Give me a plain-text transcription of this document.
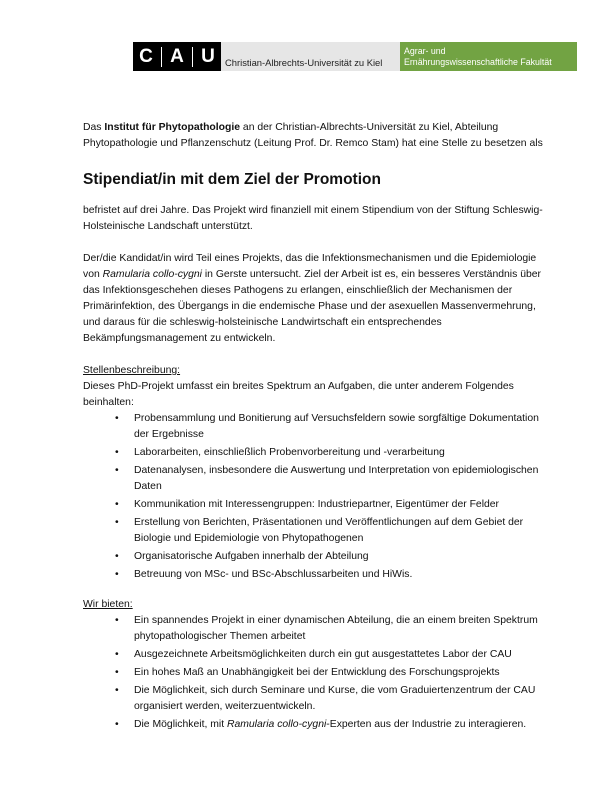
C A U	Christian-Albrechts-Universität zu Kiel
Agrar- und
Ernährungswissenschaftliche Fakultät

Das Institut für Phytopathologie an der Christian-Albrechts-Universität zu Kiel, Abteilung Phytopathologie und Pflanzenschutz (Leitung Prof. Dr. Remco Stam) hat eine Stelle zu besetzen als

Stipendiat/in mit dem Ziel der Promotion

befristet auf drei Jahre. Das Projekt wird finanziell mit einem Stipendium von der Stiftung Schleswig-Holsteinische Landschaft unterstützt.

Der/die Kandidat/in wird Teil eines Projekts, das die Infektionsmechanismen und die Epidemiologie von Ramularia collo-cygni in Gerste untersucht. Ziel der Arbeit ist es, ein besseres Verständnis über das Infektionsgeschehen dieses Pathogens zu erlangen, einschließlich der Mechanismen der Primärinfektion, des Übergangs in die endemische Phase und der asexuellen Massenvermehrung, und daraus für die schleswig-holsteinische Landwirtschaft ein entsprechendes Bekämpfungsmanagement zu entwickeln.

Stellenbeschreibung:

Dieses PhD-Projekt umfasst ein breites Spektrum an Aufgaben, die unter anderem Folgendes beinhalten:

• Probensammlung und Bonitierung auf Versuchsfeldern sowie sorgfältige Dokumentation der Ergebnisse
• Laborarbeiten, einschließlich Probenvorbereitung und -verarbeitung
• Datenanalysen, insbesondere die Auswertung und Interpretation von epidemiologischen Daten
• Kommunikation mit Interessengruppen: Industriepartner, Eigentümer der Felder
• Erstellung von Berichten, Präsentationen und Veröffentlichungen auf dem Gebiet der Biologie und Epidemiologie von Phytopathogenen
• Organisatorische Aufgaben innerhalb der Abteilung
• Betreuung von MSc- und BSc-Abschlussarbeiten und HiWis.

Wir bieten:

• Ein spannendes Projekt in einer dynamischen Abteilung, die an einem breiten Spektrum phytopathologischer Themen arbeitet
• Ausgezeichnete Arbeitsmöglichkeiten durch ein gut ausgestattetes Labor der CAU
• Ein hohes Maß an Unabhängigkeit bei der Entwicklung des Forschungsprojekts
• Die Möglichkeit, sich durch Seminare und Kurse, die vom Graduiertenzentrum der CAU organisiert werden, weiterzuentwickeln.
• Die Möglichkeit, mit Ramularia collo-cygni-Experten aus der Industrie zu interagieren.
